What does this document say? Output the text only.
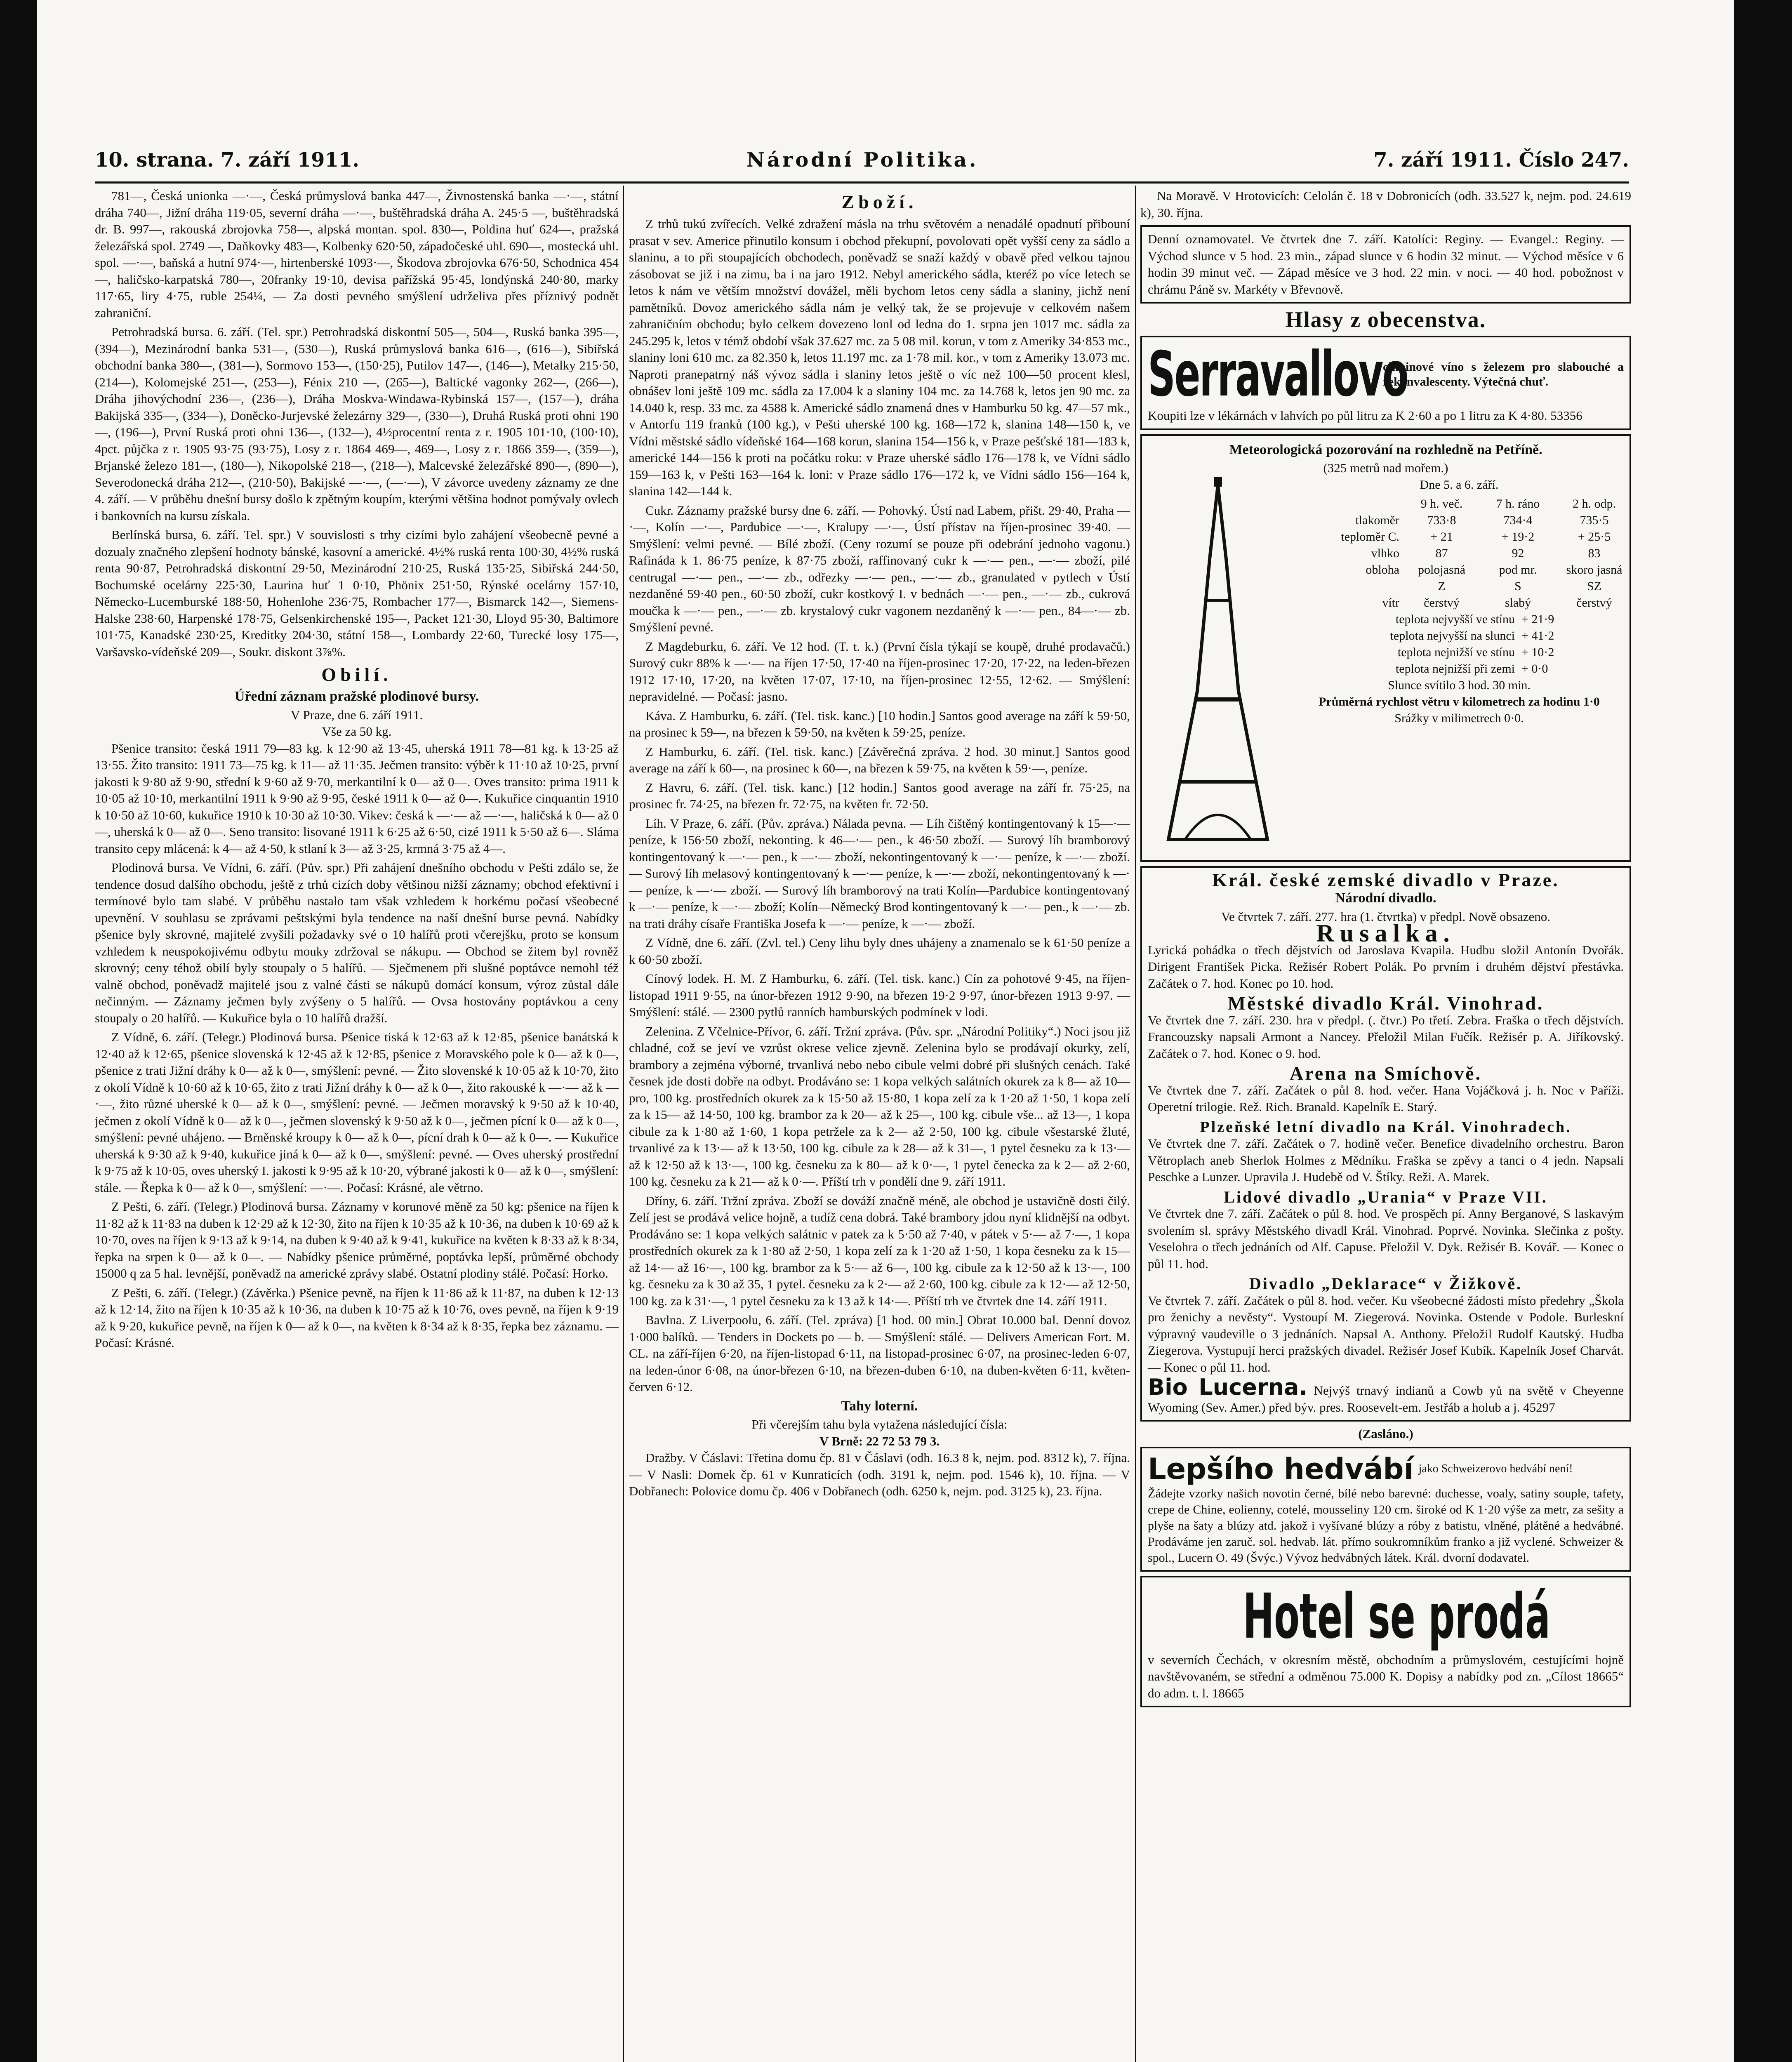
10. strana. 7. září 1911.	Národní Politika.	7. září 1911. Číslo 247.

781—, Česká unionka —·—, Česká průmyslová banka 447—, Živnostenská banka —·—, státní dráha 740—, Jižní dráha 119·05, severní dráha —·—, buštěhradská dráha A. 245·5 —, buštěhradská dr. B. 997—, rakouská zbrojovka 758—, alpská montan. spol. 830—, Poldina huť 624—, pražská železářská spol. 2749 —, Daňkovky 483—, Kolbenky 620·50, západočeské uhl. 690—, mostecká uhl. spol. —·—, baňská a hutní 974·—, hirtenberské 1093·—, Škodova zbrojovka 676·50, Schodnica 454—, haličsko-karpatská 780—, 20franky 19·10, devisa pařížská 95·45, londýnská 240·80, marky 117·65, liry 4·75, ruble 254¼, — Za dosti pevného smýšlení udrželiva přes příznivý podnět zahraniční.

Petrohradská bursa. 6. září. (Tel. spr.) Petrohradská diskontní 505—, 504—, Ruská banka 395—, (394—), Mezinárodní banka 531—, (530—), Ruská průmyslová banka 616—, (616—), Sibiřská obchodní banka 380—, (381—), Sormovo 153—, (150·25), Putilov 147—, (146—), Metalky 215·50, (214—), Kolomejské 251—, (253—), Fénix 210 —, (265—), Baltické vagonky 262—, (266—), Dráha jihovýchodní 236—, (236—), Dráha Moskva-Windawa-Rybinská 157—, (157—), dráha Bakijská 335—, (334—), Doněcko-Jurjevské železárny 329—, (330—), Druhá Ruská proti ohni 190—, (196—), První Ruská proti ohni 136—, (132—), 4½procentní renta z r. 1905 101·10, (100·10), 4pct. půjčka z r. 1905 93·75 (93·75), Losy z r. 1864 469—, 469—, Losy z r. 1866 359—, (359—), Brjanské železo 181—, (180—), Nikopolské 218—, (218—), Malcevské železářské 890—, (890—), Severodonecká dráha 212—, (210·50), Bakijské —·—, (—·—), V závorce uvedeny záznamy ze dne 4. září. — V průběhu dnešní bursy došlo k zpětným koupím, kterými většina hodnot pomývaly ovlech i bankovních na kursu získala.

Berlínská bursa, 6. září. Tel. spr.) V souvislosti s trhy cizími bylo zahájení všeobecně pevné a dozualy značného zlepšení hodnoty bánské, kasovní a americké. 4½% ruská renta 100·30, 4½% ruská renta 90·87, Petrohradská diskontní 29·50, Mezinárodní 210·25, Ruská 135·25, Sibiřská 244·50, Bochumské ocelárny 225·30, Laurina huť 1 0·10, Phönix 251·50, Rýnské ocelárny 157·10, Německo-Lucemburské 188·50, Hohenlohe 236·75, Rombacher 177—, Bismarck 142—, Siemens-Halske 238·60, Harpenské 178·75, Gelsenkirchenské 195—, Packet 121·30, Lloyd 95·30, Baltimore 101·75, Kanadské 230·25, Kreditky 204·30, státní 158—, Lombardy 22·60, Turecké losy 175—, Varšavsko-vídeňské 209—, Soukr. diskont 3⅞%.

Obilí.
Úřední záznam pražské plodinové bursy.
V Praze, dne 6. září 1911.
Vše za 50 kg.

Pšenice transito: česká 1911 79—83 kg. k 12·90 až 13·45, uherská 1911 78—81 kg. k 13·25 až 13·55. Žito transito: 1911 73—75 kg. k 11— až 11·35. Ječmen transito: výběr k 11·10 až 10·25, první jakosti k 9·80 až 9·90, střední k 9·60 až 9·70, merkantilní k 0— až 0—. Oves transito: prima 1911 k 10·05 až 10·10, merkantilní 1911 k 9·90 až 9·95, české 1911 k 0— až 0—. Kukuřice cinquantin 1910 k 10·50 až 10·60, kukuřice 1910 k 10·30 až 10·30. Vikev: česká k —·— až —·—, haličská k 0— až 0—, uherská k 0— až 0—. Seno transito: lisované 1911 k 6·25 až 6·50, cizé 1911 k 5·50 až 6—. Sláma transito cepy mlácená: k 4— až 4·50, k stlaní k 3— až 3·25, krmná 3·75 až 4—.

Plodinová bursa. Ve Vídni, 6. září. (Pův. spr.) Při zahájení dnešního obchodu v Pešti zdálo se, že tendence dosud dalšího obchodu, ještě z trhů cizích doby většinou nižší záznamy; obchod efektivní i termínové bylo tam slabé. V průběhu nastalo tam však vzhledem k horkému počasí všeobecné upevnění. V souhlasu se zprávami peštskými byla tendence na naší dnešní burse pevná. Nabídky pšenice byly skrovné, majitelé zvyšili požadavky své o 10 halířů proti včerejšku, proto se konsum vzhledem k neuspokojivému odbytu mouky zdržoval se nákupu. — Obchod se žitem byl rovněž skrovný; ceny téhož obilí byly stoupaly o 5 halířů. — Sječmenem při slušné poptávce nemohl též valně obchod, poněvadž majitelé jsou z valné části se nákupů domácí konsum, výroz zůstal dále nečinným. — Záznamy ječmen byly zvýšeny o 5 halířů. — Ovsa hostovány poptávkou a ceny stoupaly o 20 halířů. — Kukuřice byla o 10 halířů dražší.

Z Vídně, 6. září. (Telegr.) Plodinová bursa. Pšenice tiská k 12·63 až k 12·85, pšenice banátská k 12·40 až k 12·65, pšenice slovenská k 12·45 až k 12·85, pšenice z Moravského pole k 0— až k 0—, pšenice z trati Jižní dráhy k 0— až k 0—, smýšlení: pevné. — Žito slovenské k 10·05 až k 10·70, žito z okolí Vídně k 10·60 až k 10·65, žito z trati Jižní dráhy k 0— až k 0—, žito rakouské k —·— až k —·—, žito různé uherské k 0— až k 0—, smýšlení: pevné. — Ječmen moravský k 9·50 až k 10·40, ječmen z okolí Vídně k 0— až k 0—, ječmen slovenský k 9·50 až k 0—, ječmen pícní k 0— až k 0—, smýšlení: pevné uhájeno. — Brněnské kroupy k 0— až k 0—, pícní drah k 0— až k 0—. — Kukuřice uherská k 9·30 až k 9·40, kukuřice jiná k 0— až k 0—, smýšlení: pevné. — Oves uherský prostřední k 9·75 až k 10·05, oves uherský I. jakosti k 9·95 až k 10·20, výbrané jakosti k 0— až k 0—, smýšlení: stále. — Řepka k 0— až k 0—, smýšlení: —·—. Počasí: Krásné, ale větrno.

Z Pešti, 6. září. (Telegr.) Plodinová bursa. Záznamy v korunové měně za 50 kg: pšenice na říjen k 11·82 až k 11·83 na duben k 12·29 až k 12·30, žito na říjen k 10·35 až k 10·36, na duben k 10·69 až k 10·70, oves na říjen k 9·13 až k 9·14, na duben k 9·40 až k 9·41, kukuřice na květen k 8·33 až k 8·34, řepka na srpen k 0— až k 0—. — Nabídky pšenice průměrné, poptávka lepší, průměrné obchody 15000 q za 5 hal. levnější, poněvadž na americké zprávy slabé. Ostatní plodiny stálé. Počasí: Horko.

Z Pešti, 6. září. (Telegr.) (Závěrka.) Pšenice pevně, na říjen k 11·86 až k 11·87, na duben k 12·13 až k 12·14, žito na říjen k 10·35 až k 10·36, na duben k 10·75 až k 10·76, oves pevně, na říjen k 9·19 až k 9·20, kukuřice pevně, na říjen k 0— až k 0—, na květen k 8·34 až k 8·35, řepka bez záznamu. — Počasí: Krásné.

Zboží.

Z trhů tukú zvířecích. Velké zdražení másla na trhu světovém a nenadálé opadnutí přibouní prasat v sev. Americe přinutilo konsum i obchod překupní, povolovati opět vyšší ceny za sádlo a slaninu, a to při stoupajících obchodech, poněvadž se snaží každý v obavě před velkou tajnou zásobovat se již i na zimu, ba i na jaro 1912. Nebyl amerického sádla, kteréž po více letech se letos k nám ve větším množství dovážel, měli bychom letos ceny sádla a slaniny, jichž není pamětníků. Dovoz amerického sádla nám je velký tak, že se projevuje v celkovém našem zahraničním obchodu; bylo celkem dovezeno lonl od ledna do 1. srpna jen 1017 mc. sádla za 245.295 k, letos v témž období však 37.627 mc. za 5 08 mil. korun, v tom z Ameriky 34·853 mc., slaniny loni 610 mc. za 82.350 k, letos 11.197 mc. za 1·78 mil. kor., v tom z Ameriky 13.073 mc. Naproti pranepatrný náš vývoz sádla i slaniny letos ještě o víc než 100—50 procent klesl, obnášev loni ještě 109 mc. sádla za 17.004 k a slaniny 104 mc. za 14.768 k, letos jen 90 mc. za 14.040 k, resp. 33 mc. za 4588 k. Americké sádlo znamená dnes v Hamburku 50 kg. 47—57 mk., v Antorfu 119 franků (100 kg.), v Pešti uherské 100 kg. 168—172 k, slanina 148—150 k, ve Vídni městské sádlo vídeňské 164—168 korun, slanina 154—156 k, v Praze pešťské 181—183 k, americké 144—156 k proti na počátku roku: v Praze uherské sádlo 176—178 k, ve Vídni sádlo 159—163 k, v Pešti 163—164 k. loni: v Praze sádlo 176—172 k, ve Vídni sádlo 156—164 k, slanina 142—144 k.

Cukr. Záznamy pražské bursy dne 6. září. — Pohovký. Ústí nad Labem, přišt. 29·40, Praha —·—, Kolín —·—, Pardubice —·—, Kralupy —·—, Ústí přístav na říjen-prosinec 39·40. — Smýšlení: velmi pevné. — Bílé zboží. (Ceny rozumí se pouze při odebrání jednoho vagonu.) Rafináda k 1. 86·75 peníze, k 87·75 zboží, raffinovaný cukr k —·— pen., —·— zboží, pilé centrugal —·— pen., —·— zb., odřezky —·— pen., —·— zb., granulated v pytlech v Ústí nezdaněné 59·40 pen., 60·50 zboží, cukr kostkový I. v bednách —·— pen., —·— zb., cukrová moučka k —·— pen., —·— zb. krystalový cukr vagonem nezdaněný k —·— pen., 84—·— zb. Smýšlení pevné.

Z Magdeburku, 6. září. Ve 12 hod. (T. t. k.) (První čísla týkají se koupě, druhé prodavačů.) Surový cukr 88% k —·— na říjen 17·50, 17·40 na říjen-prosinec 17·20, 17·22, na leden-březen 1912 17·10, 17·20, na květen 17·07, 17·10, na říjen-prosinec 12·55, 12·62. — Smýšlení: nepravidelné. — Počasí: jasno.

Káva. Z Hamburku, 6. září. (Tel. tisk. kanc.) [10 hodin.] Santos good average na září k 59·50, na prosinec k 59—, na březen k 59·50, na květen k 59·25, peníze.

Z Hamburku, 6. září. (Tel. tisk. kanc.) [Závěrečná zpráva. 2 hod. 30 minut.] Santos good average na září k 60—, na prosinec k 60—, na březen k 59·75, na květen k 59·—, peníze.

Z Havru, 6. září. (Tel. tisk. kanc.) [12 hodin.] Santos good average na září fr. 75·25, na prosinec fr. 74·25, na březen fr. 72·75, na květen fr. 72·50.

Líh. V Praze, 6. září. (Pův. zpráva.) Nálada pevna. — Líh čištěný kontingentovaný k 15—·— peníze, k 156·50 zboží, nekonting. k 46—·— pen., k 46·50 zboží. — Surový líh bramborový kontingentovaný k —·— pen., k —·— zboží, nekontingentovaný k —·— peníze, k —·— zboží. — Surový líh melasový kontingentovaný k —·— peníze, k —·— zboží, nekontingentovaný k —·— peníze, k —·— zboží. — Surový líh bramborový na trati Kolín—Pardubice kontingentovaný k —·— peníze, k —·— zboží; Kolín—Německý Brod kontingentovaný k —·— pen., k —·— zb. na trati dráhy císaře Františka Josefa k —·— peníze, k —·— zboží.

Z Vídně, dne 6. září. (Zvl. tel.) Ceny lihu byly dnes uhájeny a znamenalo se k 61·50 peníze a k 60·50 zboží.

Cínový lodek. H. M. Z Hamburku, 6. září. (Tel. tisk. kanc.) Cín za pohotové 9·45, na říjen-listopad 1911 9·55, na únor-březen 1912 9·90, na březen 19·2 9·97, únor-březen 1913 9·97. — Smýšlení: stálé. — 2300 pytlů ranních hamburských podmínek v lodi.

Zelenina. Z Včelnice-Přívor, 6. září. Tržní zpráva. (Pův. spr. „Národní Politiky“.) Noci jsou již chladné, což se jeví ve vzrůst okrese velice zjevně. Zelenina bylo se prodávají okurky, zelí, brambory a zejména výborné, trvanlivá nebo nebo cibule velmi dobré při slušných cenách. Také česnek jde dosti dobře na odbyt. Prodáváno se: 1 kopa velkých salátních okurek za k 8— až 10— pro, 100 kg. prostředních okurek za k 15·50 až 15·80, 1 kopa zelí za k 1·20 až 1·50, 1 kopa zelí za k 15— až 14·50, 100 kg. brambor za k 20— až k 25—, 100 kg. cibule vše... až 13—, 1 kopa cibule za k 1·80 až 1·60, 1 kopa petržele za k 2— až 2·50, 100 kg. cibule všestarské žluté, trvanlivé za k 13·— až k 13·50, 100 kg. cibule za k 28— až k 31—, 1 pytel česneku za k 13·— až k 12·50 až k 13·—, 100 kg. česneku za k 80— až k 0·—, 1 pytel čenecka za k 2— až 2·60, 100 kg. česneku za k 21— až k 0·—. Příští trh v pondělí dne 9. září 1911.

Dříny, 6. září. Tržní zpráva. Zboží se dováží značně méně, ale obchod je ustavičně dosti čilý. Zelí jest se prodává velice hojně, a tudíž cena dobrá. Také brambory jdou nyní klidnější na odbyt. Prodáváno se: 1 kopa velkých salátnic v patek za k 5·50 až 7·40, v pátek v 5·— až 7·—, 1 kopa prostředních okurek za k 1·80 až 2·50, 1 kopa zelí za k 1·20 až 1·50, 1 kopa česneku za k 15— až 14·— až 16·—, 100 kg. brambor za k 5·— až 6—, 100 kg. cibule za k 12·50 až k 13·—, 100 kg. česneku za k 30 až 35, 1 pytel. česneku za k 2·— až 2·60, 100 kg. cibule za k 12·— až 12·50, 100 kg. za k 31·—, 1 pytel česneku za k 13 až k 14·—. Příští trh ve čtvrtek dne 14. září 1911.

Bavlna. Z Liverpoolu, 6. září. (Tel. zpráva) [1 hod. 00 min.] Obrat 10.000 bal. Denní dovoz 1·000 balíků. — Tenders in Dockets po — b. — Smýšlení: stálé. — Delivers American Fort. M. CL. na září-říjen 6·20, na říjen-listopad 6·11, na listopad-prosinec 6·07, na prosinec-leden 6·07, na leden-únor 6·08, na únor-březen 6·10, na březen-duben 6·10, na duben-květen 6·11, květen-červen 6·12.

Tahy loterní.
Při včerejším tahu byla vytažena následující čísla:
V Brně: 22 72 53 79 3.

Dražby. V Čáslavi: Třetina domu čp. 81 v Čáslavi (odh. 16.3 8 k, nejm. pod. 8312 k), 7. října. — V Nasli: Domek čp. 61 v Kunraticích (odh. 3191 k, nejm. pod. 1546 k), 10. října. — V Dobřanech: Polovice domu čp. 406 v Dobřanech (odh. 6250 k, nejm. pod. 3125 k), 23. října.

Na Moravě. V Hrotovicích: Celolán č. 18 v Dobronicích (odh. 33.527 k, nejm. pod. 24.619 k), 30. října.

Denní oznamovatel. Ve čtvrtek dne 7. září. Katolíci: Reginy. — Evangel.: Reginy. — Východ slunce v 5 hod. 23 min., západ slunce v 6 hodin 32 minut. — Východ měsíce v 6 hodin 39 minut več. — Západ měsíce ve 3 hod. 22 min. v noci. — 40 hod. pobožnost v chrámu Páně sv. Markéty v Břevnově.
Hlasy z obecenstva.
Serravallovo
chininové víno s železem pro slabouché a rekonvalescenty. Výtečná chuť.
Koupiti lze v lékárnách v lahvích po půl litru za K 2·60 a po 1 litru za K 4·80. 53356
Meteorologická pozorování na rozhledně na Petříně.
(325 metrů nad mořem.)
Dne 5. a 6. září.
9 h. več.	7 h. ráno	2 h. odp.
tlakoměr	733·8	734·4	735·5
teploměr C.	+ 21	+ 19·2	+ 25·5
vlhko	87	92	83
obloha	polojasná	pod mr.	skoro jasná
Z	S	SZ
vítr	čerstvý	slabý	čerstvý
teplota nejvyšší ve stínu + 21·9
teplota nejvyšší na slunci + 41·2
teplota nejnižší ve stínu + 10·2
teplota nejnižší při zemi + 0·0
Slunce svítilo 3 hod. 30 min.
Průměrná rychlost větru v kilometrech za hodinu 1·0
Srážky v milimetrech 0·0.
Král. české zemské divadlo v Praze.
Národní divadlo.
Ve čtvrtek 7. září. 277. hra (1. čtvrtka) v předpl. Nově obsazeno.
Rusalka.
Lyrická pohádka o třech dějstvích od Jaroslava Kvapila. Hudbu složil Antonín Dvořák. Dirigent František Picka. Režisér Robert Polák. Po prvním i druhém dějství přestávka. Začátek o 7. hod. Konec po 10. hod.
Městské divadlo Král. Vinohrad.
Ve čtvrtek dne 7. září. 230. hra v předpl. (. čtvr.) Po třetí. Zebra. Fraška o třech dějstvích. Francouzsky napsali Armont a Nancey. Přeložil Milan Fučík. Režisér p. A. Jiříkovský. Začátek o 7. hod. Konec o 9. hod.
Arena na Smíchově.
Ve čtvrtek dne 7. září. Začátek o půl 8. hod. večer. Hana Vojáčková j. h. Noc v Paříži. Operetní trilogie. Rež. Rich. Branald. Kapelník E. Starý.
Plzeňské letní divadlo na Král. Vinohradech.
Ve čtvrtek dne 7. září. Začátek o 7. hodině večer. Benefice divadelního orchestru. Baron Větroplach aneb Sherlok Holmes z Mědníku. Fraška se zpěvy a tanci o 4 jedn. Napsali Peschke a Lunzer. Upravila J. Hudebě od V. Štíky. Reži. A. Marek.
Lidové divadlo „Urania“ v Praze VII.
Ve čtvrtek dne 7. září. Začátek o půl 8. hod. Ve prospěch pí. Anny Berganové, S laskavým svolením sl. správy Městského divadl Král. Vinohrad. Poprvé. Novinka. Slečinka z pošty. Veselohra o třech jednáních od Alf. Capuse. Přeložil V. Dyk. Režisér B. Kovář. — Konec o půl 11. hod.
Divadlo „Deklarace“ v Žižkově.
Ve čtvrtek 7. září. Začátek o půl 8. hod. večer. Ku všeobecné žádosti místo předehry „Škola pro ženichy a nevěsty“. Vystoupí M. Ziegerová. Novinka. Ostende v Podole. Burleskní výpravný vaudeville o 3 jednáních. Napsal A. Anthony. Přeložil Rudolf Kautský. Hudba Ziegerova. Vystupují herci pražských divadel. Režisér Josef Kubík. Kapelník Josef Charvát. — Konec o půl 11. hod.
Bio Lucerna. Nejvýš trnavý indianů a Cowb yů na světě v Cheyenne Wyoming (Sev. Amer.) před býv. pres. Roosevelt-em. Jestřáb a holub a j. 45297
(Zasláno.)
Lepšího hedvábí jako Schweizerovo hedvábí není!
Žádejte vzorky našich novotin černé, bílé nebo barevné: duchesse, voaly, satiny souple, tafety, crepe de Chine, eolienny, cotelé, mousseliny 120 cm. široké od K 1·20 výše za metr, za sešity a plyše na šaty a blúzy atd. jakož i vyšívané blúzy a róby z batistu, vlněné, plátěné a hedvábné. Prodáváme jen zaruč. sol. hedvab. lát. přímo soukromníkům franko a již vyclené. Schweizer & spol., Lucern O. 49 (Švýc.) Vývoz hedvábných látek. Král. dvorní dodavatel.
Hotel se prodá
v severních Čechách, v okresním městě, obchodním a průmyslovém, cestujícími hojně navštěvovaném, se střední a odměnou 75.000 K. Dopisy a nabídky pod zn. „Cílost 18665“ do adm. t. l. 18665
